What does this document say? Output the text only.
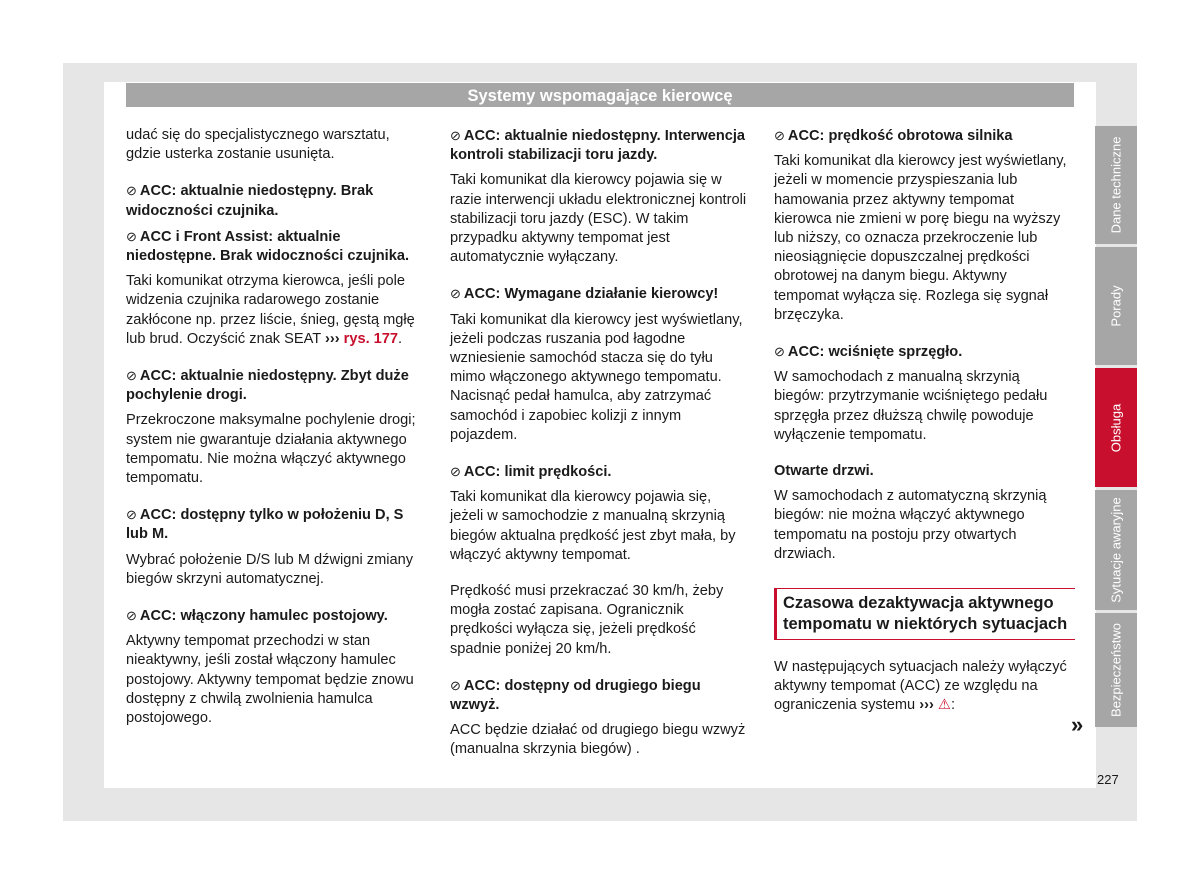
Systemy wspomagające kierowcę

udać się do specjalistycznego warsztatu, gdzie usterka zostanie usunięta.

⊘ ACC: aktualnie niedostępny. Brak widoczności czujnika.

⊘ ACC i Front Assist: aktualnie niedostępne. Brak widoczności czujnika.

Taki komunikat otrzyma kierowca, jeśli pole widzenia czujnika radarowego zostanie zakłócone np. przez liście, śnieg, gęstą mgłę lub brud. Oczyścić znak SEAT ››› rys. 177.

⊘ ACC: aktualnie niedostępny. Zbyt duże pochylenie drogi.

Przekroczone maksymalne pochylenie drogi; system nie gwarantuje działania aktywnego tempomatu. Nie można włączyć aktywnego tempomatu.

⊘ ACC: dostępny tylko w położeniu D, S lub M.

Wybrać położenie D/S lub M dźwigni zmiany biegów skrzyni automatycznej.

⊘ ACC: włączony hamulec postojowy.

Aktywny tempomat przechodzi w stan nieaktywny, jeśli został włączony hamulec postojowy. Aktywny tempomat będzie znowu dostępny z chwilą zwolnienia hamulca postojowego.

⊘ ACC: aktualnie niedostępny. Interwencja kontroli stabilizacji toru jazdy.

Taki komunikat dla kierowcy pojawia się w razie interwencji układu elektronicznej kontroli stabilizacji toru jazdy (ESC). W takim przypadku aktywny tempomat jest automatycznie wyłączany.

⊘ ACC: Wymagane działanie kierowcy!

Taki komunikat dla kierowcy jest wyświetlany, jeżeli podczas ruszania pod łagodne wzniesienie samochód stacza się do tyłu mimo włączonego aktywnego tempomatu. Nacisnąć pedał hamulca, aby zatrzymać samochód i zapobiec kolizji z innym pojazdem.

⊘ ACC: limit prędkości.

Taki komunikat dla kierowcy pojawia się, jeżeli w samochodzie z manualną skrzynią biegów aktualna prędkość jest zbyt mała, by włączyć aktywny tempomat.

Prędkość musi przekraczać 30 km/h, żeby mogła zostać zapisana. Ogranicznik prędkości wyłącza się, jeżeli prędkość spadnie poniżej 20 km/h.

⊘ ACC: dostępny od drugiego biegu wzwyż.

ACC będzie działać od drugiego biegu wzwyż (manualna skrzynia biegów) .

⊘ ACC: prędkość obrotowa silnika

Taki komunikat dla kierowcy jest wyświetlany, jeżeli w momencie przyspieszania lub hamowania przez aktywny tempomat kierowca nie zmieni w porę biegu na wyższy lub niższy, co oznacza przekroczenie lub nieosiągnięcie dopuszczalnej prędkości obrotowej na danym biegu. Aktywny tempomat wyłącza się. Rozlega się sygnał brzęczyka.

⊘ ACC: wciśnięte sprzęgło.

W samochodach z manualną skrzynią biegów: przytrzymanie wciśniętego pedału sprzęgła przez dłuższą chwilę powoduje wyłączenie tempomatu.

Otwarte drzwi.

W samochodach z automatyczną skrzynią biegów: nie można włączyć aktywnego tempomatu na postoju przy otwartych drzwiach.

Czasowa dezaktywacja aktywnego tempomatu w niektórych sytuacjach

W następujących sytuacjach należy wyłączyć aktywny tempomat (ACC) ze względu na ograniczenia systemu ››› ⚠:

»
Dane techniczne
Porady
Obsługa
Sytuacje awaryjne
Bezpieczeństwo
227
